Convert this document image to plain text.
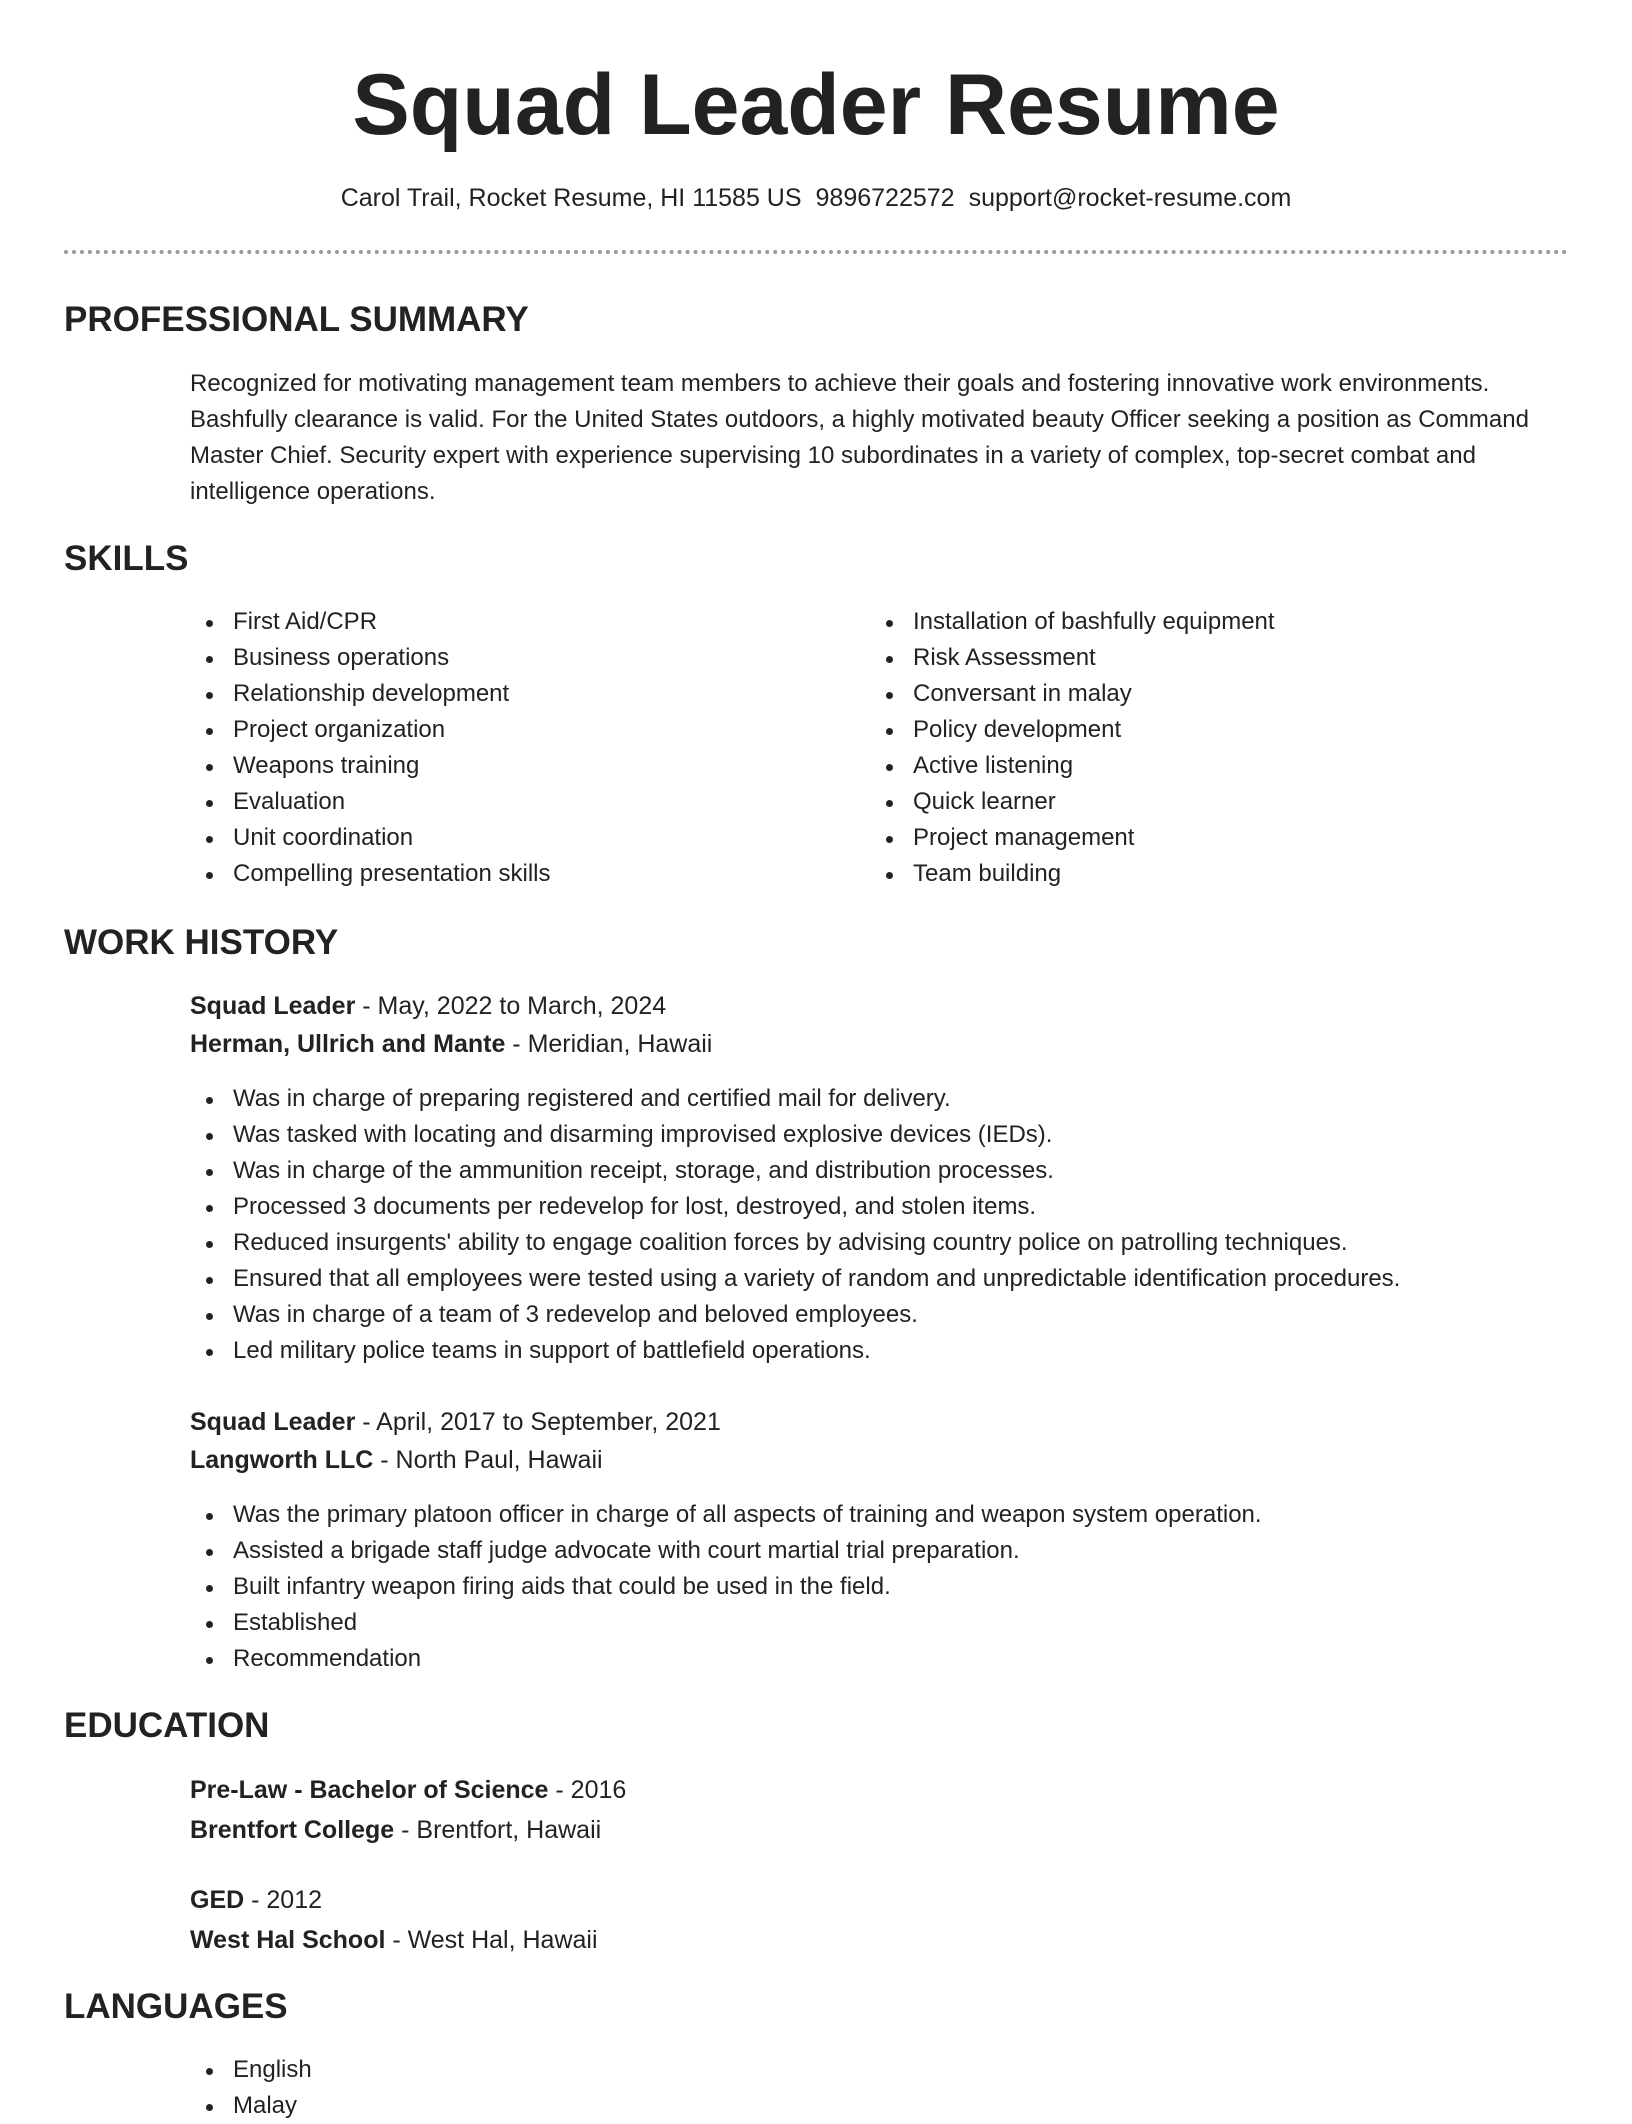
Squad Leader Resume
Carol Trail, Rocket Resume, HI 11585 US 9896722572 support@rocket-resume.com
PROFESSIONAL SUMMARY
Recognized for motivating management team members to achieve their goals and fostering innovative work environments. Bashfully clearance is valid. For the United States outdoors, a highly motivated beauty Officer seeking a position as Command Master Chief. Security expert with experience supervising 10 subordinates in a variety of complex, top-secret combat and intelligence operations.
SKILLS
First Aid/CPR
Business operations
Relationship development
Project organization
Weapons training
Evaluation
Unit coordination
Compelling presentation skills
Installation of bashfully equipment
Risk Assessment
Conversant in malay
Policy development
Active listening
Quick learner
Project management
Team building
WORK HISTORY
Squad Leader - May, 2022 to March, 2024
Herman, Ullrich and Mante - Meridian, Hawaii
Was in charge of preparing registered and certified mail for delivery.
Was tasked with locating and disarming improvised explosive devices (IEDs).
Was in charge of the ammunition receipt, storage, and distribution processes.
Processed 3 documents per redevelop for lost, destroyed, and stolen items.
Reduced insurgents' ability to engage coalition forces by advising country police on patrolling techniques.
Ensured that all employees were tested using a variety of random and unpredictable identification procedures.
Was in charge of a team of 3 redevelop and beloved employees.
Led military police teams in support of battlefield operations.
Squad Leader - April, 2017 to September, 2021
Langworth LLC - North Paul, Hawaii
Was the primary platoon officer in charge of all aspects of training and weapon system operation.
Assisted a brigade staff judge advocate with court martial trial preparation.
Built infantry weapon firing aids that could be used in the field.
Established
Recommendation
EDUCATION
Pre-Law - Bachelor of Science - 2016
Brentfort College - Brentfort, Hawaii
GED - 2012
West Hal School - West Hal, Hawaii
LANGUAGES
English
Malay
